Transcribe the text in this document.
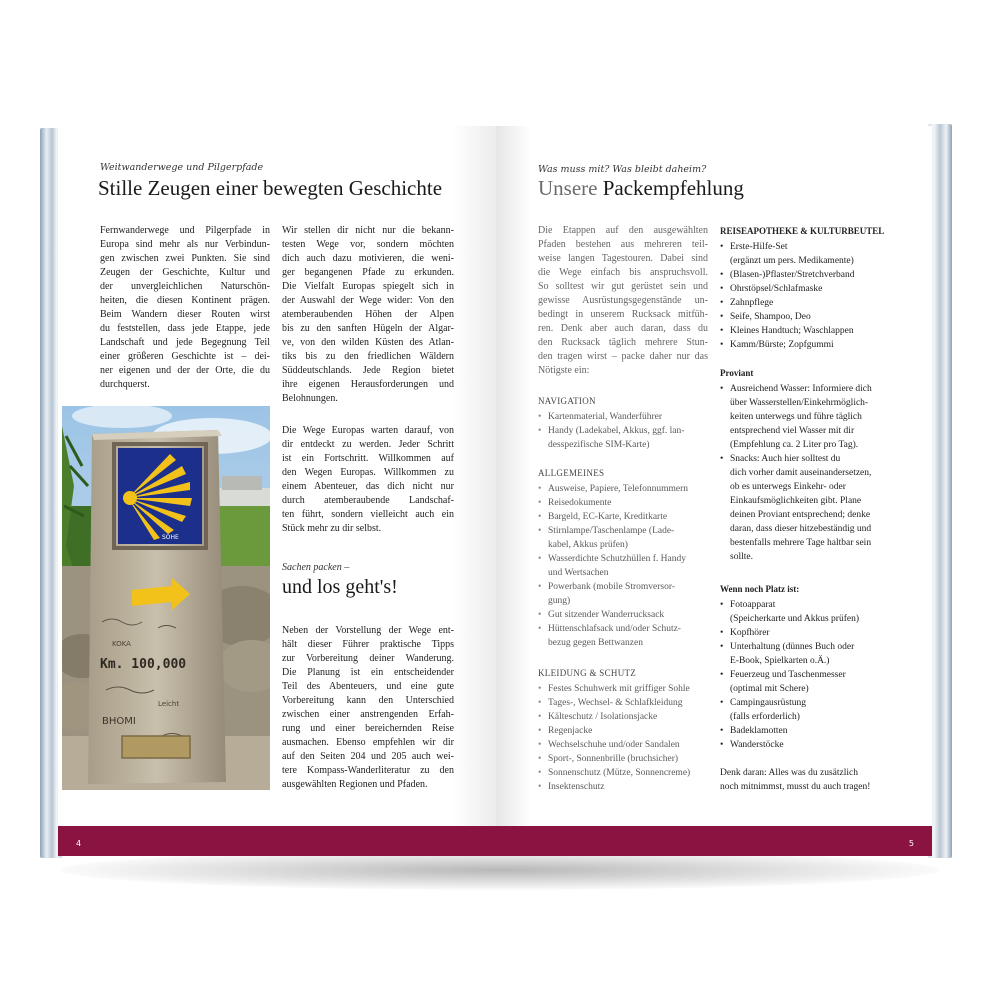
Weitwanderwege und Pilgerpfade
Stille Zeugen einer bewegten Geschichte
Fernwanderwege und Pilgerpfade in
Europa sind mehr als nur Verbindun-
gen zwischen zwei Punkten. Sie sind
Zeugen der Geschichte, Kultur und
der unvergleichlichen Naturschön-
heiten, die diesen Kontinent prägen.
Beim Wandern dieser Routen wirst
du feststellen, dass jede Etappe, jede
Landschaft und jede Begegnung Teil
einer größeren Geschichte ist – dei-
ner eigenen und der der Orte, die du
durchquerst.
Wir stellen dir nicht nur die bekann-
testen Wege vor, sondern möchten
dich auch dazu motivieren, die weni-
ger begangenen Pfade zu erkunden.
Die Vielfalt Europas spiegelt sich in
der Auswahl der Wege wider: Von den
atemberaubenden Höhen der Alpen
bis zu den sanften Hügeln der Algar-
ve, von den wilden Küsten des Atlan-
tiks bis zu den friedlichen Wäldern
Süddeutschlands. Jede Region bietet
ihre eigenen Herausforderungen und
Belohnungen.
Die Wege Europas warten darauf, von
dir entdeckt zu werden. Jeder Schritt
ist ein Fortschritt. Willkommen auf
den Wegen Europas. Willkommen zu
einem Abenteuer, das dich nicht nur
durch atemberaubende Landschaf-
ten führt, sondern vielleicht auch ein
Stück mehr zu dir selbst.
Sachen packen –
und los geht's!
Neben der Vorstellung der Wege ent-
hält dieser Führer praktische Tipps
zur Vorbereitung deiner Wanderung.
Die Planung ist ein entscheidender
Teil des Abenteuers, und eine gute
Vorbereitung kann den Unterschied
zwischen einer anstrengenden Erfah-
rung und einer bereichernden Reise
ausmachen. Ebenso empfehlen wir dir
auf den Seiten 204 und 205 auch wei-
tere Kompass-Wanderliteratur zu den
ausgewählten Regionen und Pfaden.
SOHE
KOKA
Km. 100,000
Leicht
BHOMI
4
Was muss mit? Was bleibt daheim?
Unsere Packempfehlung
Die Etappen auf den ausgewählten
Pfaden bestehen aus mehreren teil-
weise langen Tagestouren. Dabei sind
die Wege einfach bis anspruchsvoll.
So solltest wir gut gerüstet sein und
gewisse Ausrüstungsgegenstände un-
bedingt in unserem Rucksack mitfüh-
ren. Denk aber auch daran, dass du
den Rucksack täglich mehrere Stun-
den tragen wirst – packe daher nur das
Nötigste ein:
NAVIGATION
• Kartenmaterial, Wanderführer
• Handy (Ladekabel, Akkus, ggf. lan-
desspezifische SIM-Karte)
ALLGEMEINES
• Ausweise, Papiere, Telefonnummern
• Reisedokumente
• Bargeld, EC-Karte, Kreditkarte
• Stirnlampe/Taschenlampe (Lade-
kabel, Akkus prüfen)
• Wasserdichte Schutzhüllen f. Handy
und Wertsachen
• Powerbank (mobile Stromversor-
gung)
• Gut sitzender Wanderrucksack
• Hüttenschlafsack und/oder Schutz-
bezug gegen Bettwanzen
KLEIDUNG & SCHUTZ
• Festes Schuhwerk mit griffiger Sohle
• Tages-, Wechsel- & Schlafkleidung
• Kälteschutz / Isolationsjacke
• Regenjacke
• Wechselschuhe und/oder Sandalen
• Sport-, Sonnenbrille (bruchsicher)
• Sonnenschutz (Mütze, Sonnencreme)
• Insektenschutz
REISEAPOTHEKE & KULTURBEUTEL
• Erste-Hilfe-Set
(ergänzt um pers. Medikamente)
• (Blasen-)Pflaster/Stretchverband
• Ohrstöpsel/Schlafmaske
• Zahnpflege
• Seife, Shampoo, Deo
• Kleines Handtuch; Waschlappen
• Kamm/Bürste; Zopfgummi
Proviant
• Ausreichend Wasser: Informiere dich
über Wasserstellen/Einkehrmöglich-
keiten unterwegs und führe täglich
entsprechend viel Wasser mit dir
(Empfehlung ca. 2 Liter pro Tag).
• Snacks: Auch hier solltest du
dich vorher damit auseinandersetzen,
ob es unterwegs Einkehr- oder
Einkaufsmöglichkeiten gibt. Plane
deinen Proviant entsprechend; denke
daran, dass dieser hitzebeständig und
bestenfalls mehrere Tage haltbar sein
sollte.
Wenn noch Platz ist:
• Fotoapparat
(Speicherkarte und Akkus prüfen)
• Kopfhörer
• Unterhaltung (dünnes Buch oder
E-Book, Spielkarten o.Ä.)
• Feuerzeug und Taschenmesser
(optimal mit Schere)
• Campingausrüstung
(falls erforderlich)
• Badeklamotten
• Wanderstöcke
Denk daran: Alles was du zusätzlich
noch mitnimmst, musst du auch tragen!
5
